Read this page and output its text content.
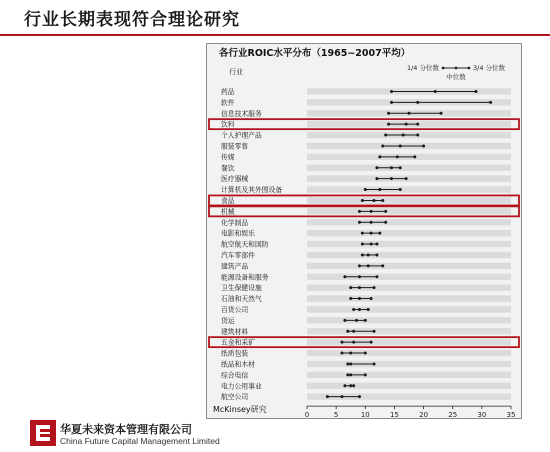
行业长期表现符合理论研究
各行业ROIC水平分布（1965~2007平均）
1/4 分位数	3/4 分位数
中位数
行业
药品
软件
信息技术服务
饮料
个人护理产品
服装零售
传媒
餐饮
医疗器械
计算机及其外围设备
食品
机械
化学制品
电影和娱乐
航空航天和国防
汽车零部件
建筑产品
能源设备和服务
卫生保健设施
石油和天然气
百货公司
货运
建筑材料
五金和采矿
纸质包装
纸品和木材
综合电信
电力公用事业
航空公司
0	5	10	15	20	25	30	35
McKinsey研究
华夏未来资本管理有限公司
China Future Capital Management Limited
